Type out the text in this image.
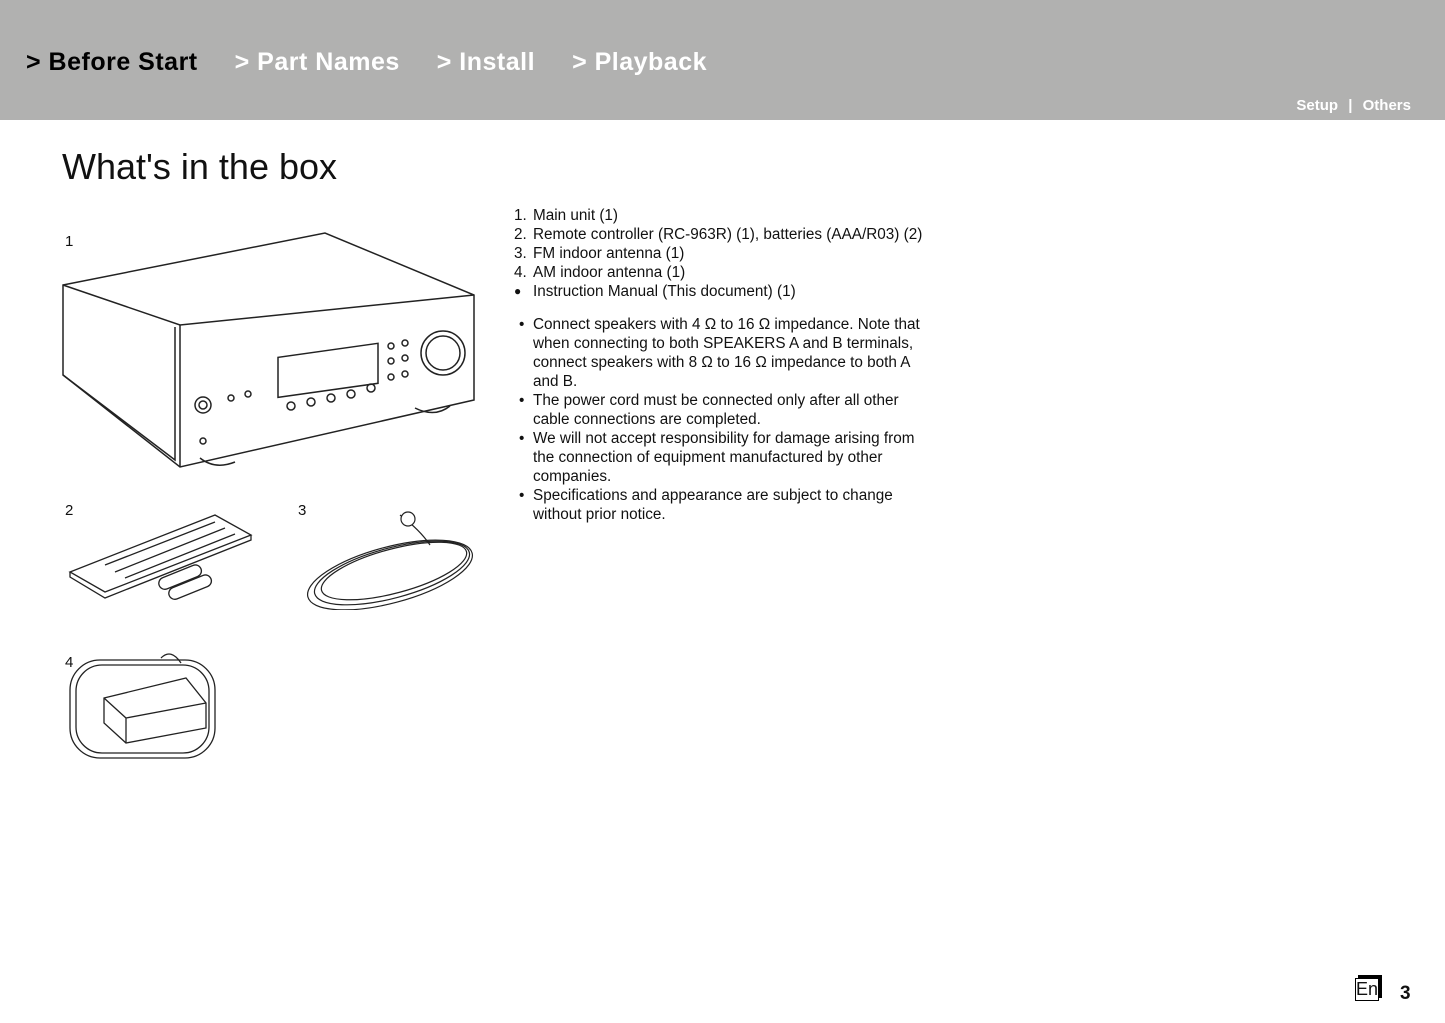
> Before Start > Part Names > Install > Playback
Setup | Others
What's in the box
1
2	3
4
1. Main unit (1)
2. Remote controller (RC-963R) (1), batteries (AAA/R03) (2)
3. FM indoor antenna (1)
4. AM indoor antenna (1)
● Instruction Manual (This document) (1)
• Connect speakers with 4 Ω to 16 Ω impedance. Note that when connecting to both SPEAKERS A and B terminals, connect speakers with 8 Ω to 16 Ω impedance to both A and B.
• The power cord must be connected only after all other cable connections are completed.
• We will not accept responsibility for damage arising from the connection of equipment manufactured by other companies.
• Specifications and appearance are subject to change without prior notice.
En 3
